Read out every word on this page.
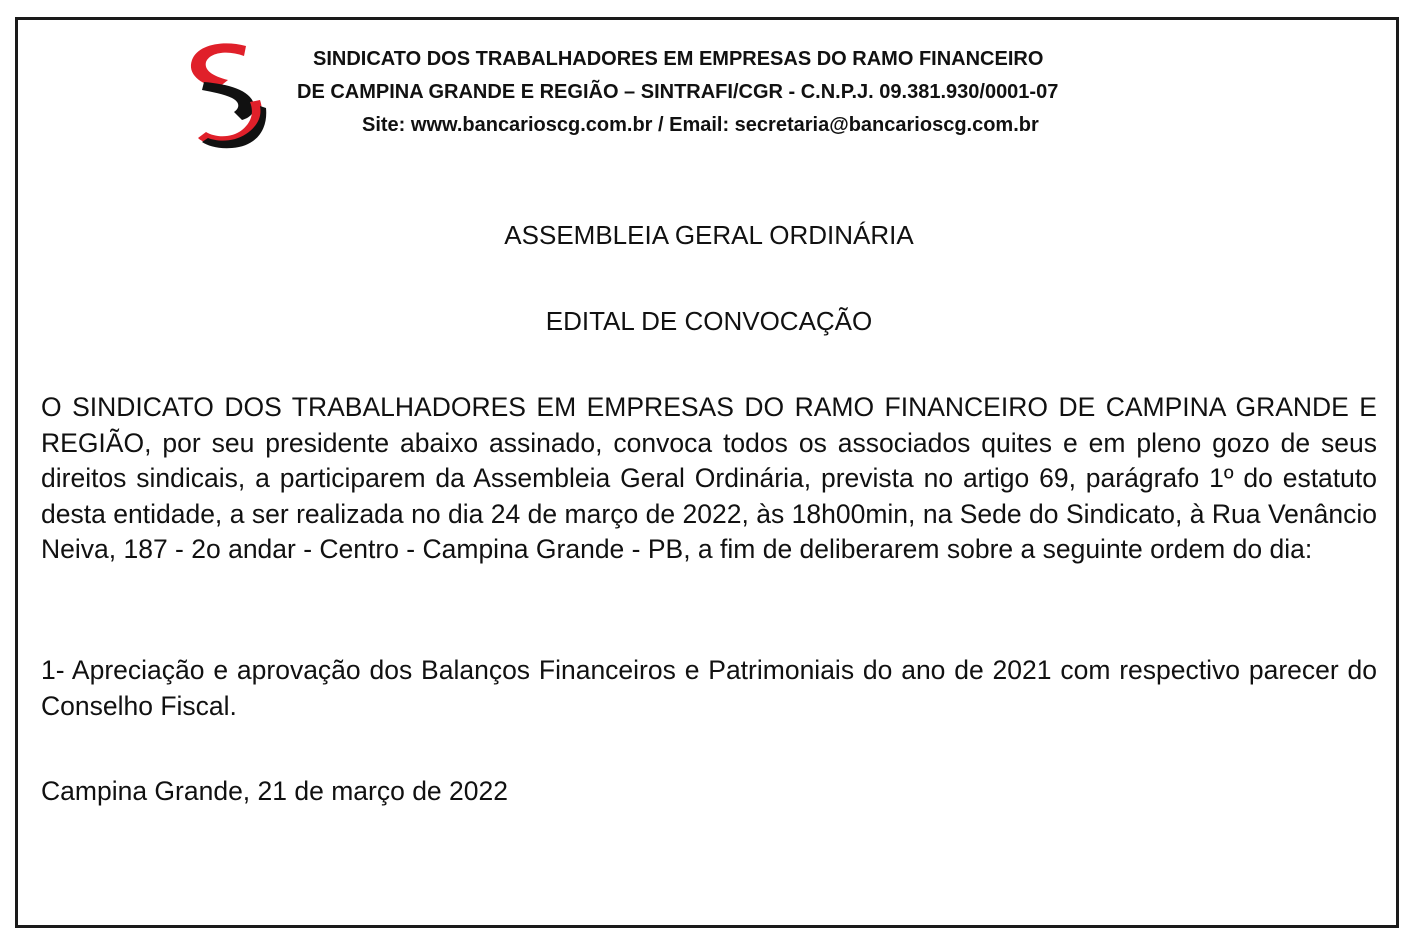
SINDICATO DOS TRABALHADORES EM EMPRESAS DO RAMO FINANCEIRO
DE CAMPINA GRANDE E REGIÃO – SINTRAFI/CGR - C.N.P.J. 09.381.930/0001-07
Site: www.bancarioscg.com.br / Email: secretaria@bancarioscg.com.br
ASSEMBLEIA GERAL ORDINÁRIA
EDITAL DE CONVOCAÇÃO
O SINDICATO DOS TRABALHADORES EM EMPRESAS DO RAMO FINANCEIRO DE CAMPINA GRANDE E REGIÃO, por seu presidente abaixo assinado, convoca todos os associados quites e em pleno gozo de seus direitos sindicais, a participarem da Assembleia Geral Ordinária, prevista no artigo 69, parágrafo 1º do estatuto desta entidade, a ser realizada no dia 24 de março de 2022, às 18h00min, na Sede do Sindicato, à Rua Venâncio Neiva, 187 - 2o andar - Centro - Campina Grande - PB, a fim de deliberarem sobre a seguinte ordem do dia:
1- Apreciação e aprovação dos Balanços Financeiros e Patrimoniais do ano de 2021 com respectivo parecer do Conselho Fiscal.
Campina Grande, 21 de março de 2022
